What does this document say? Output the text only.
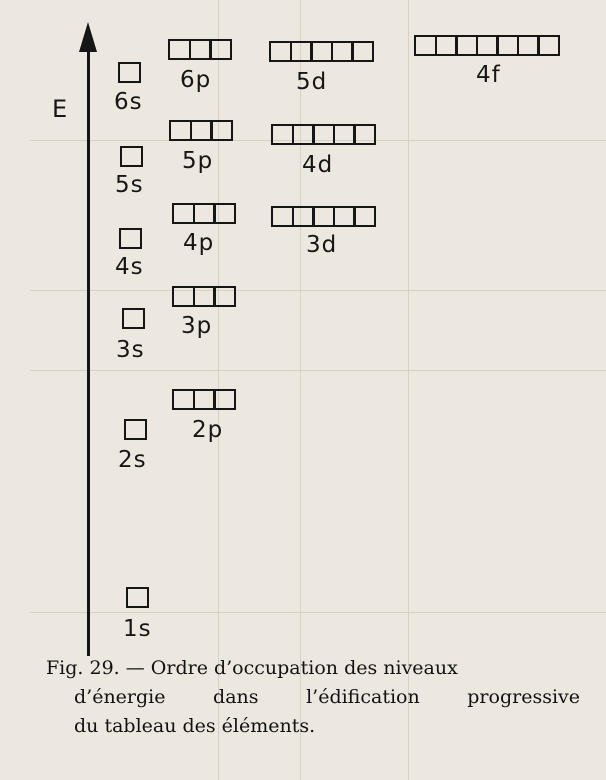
E
1s
2s
2p
3s
3p
4s
3d
4p
5s
4d
5p
6s
4f
5d
6p
Fig. 29. — Ordre d’occupation des niveaux
d’énergie dans l’édification progressive
du tableau des éléments.
